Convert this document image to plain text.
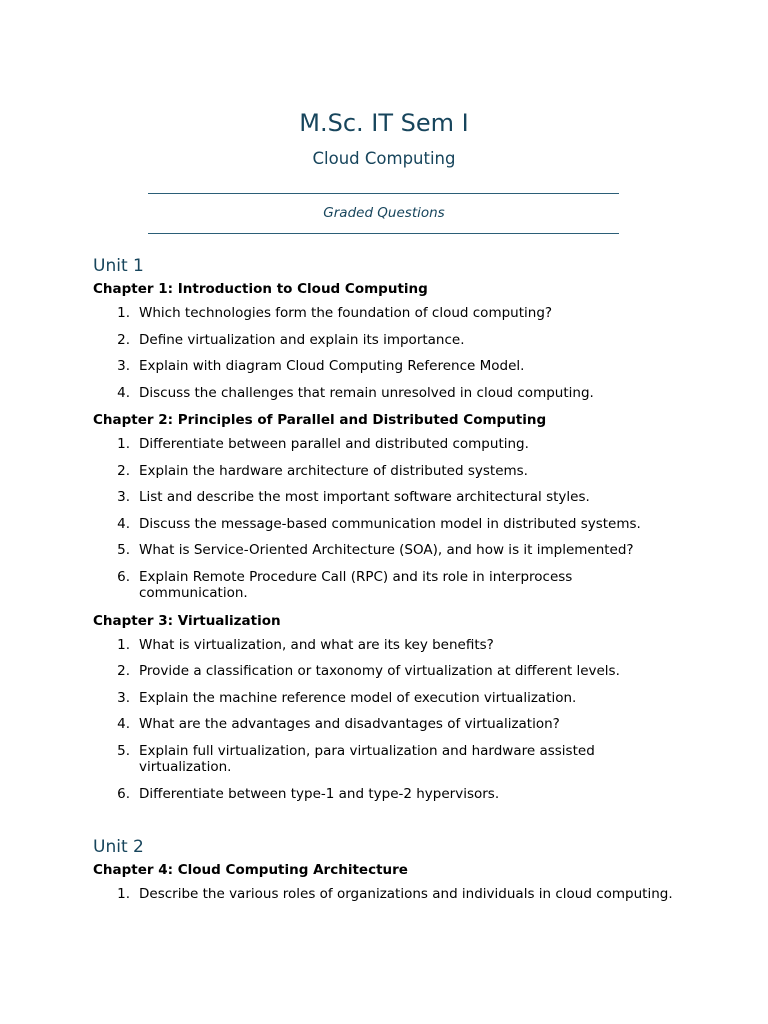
M.Sc. IT Sem I
Cloud Computing
Graded Questions
Unit 1
Chapter 1: Introduction to Cloud Computing
1. Which technologies form the foundation of cloud computing?
2. Define virtualization and explain its importance.
3. Explain with diagram Cloud Computing Reference Model.
4. Discuss the challenges that remain unresolved in cloud computing.
Chapter 2: Principles of Parallel and Distributed Computing
1. Differentiate between parallel and distributed computing.
2. Explain the hardware architecture of distributed systems.
3. List and describe the most important software architectural styles.
4. Discuss the message-based communication model in distributed systems.
5. What is Service-Oriented Architecture (SOA), and how is it implemented?
6. Explain Remote Procedure Call (RPC) and its role in interprocess communication.
Chapter 3: Virtualization
1. What is virtualization, and what are its key benefits?
2. Provide a classification or taxonomy of virtualization at different levels.
3. Explain the machine reference model of execution virtualization.
4. What are the advantages and disadvantages of virtualization?
5. Explain full virtualization, para virtualization and hardware assisted virtualization.
6. Differentiate between type-1 and type-2 hypervisors.
Unit 2
Chapter 4: Cloud Computing Architecture
1. Describe the various roles of organizations and individuals in cloud computing.
